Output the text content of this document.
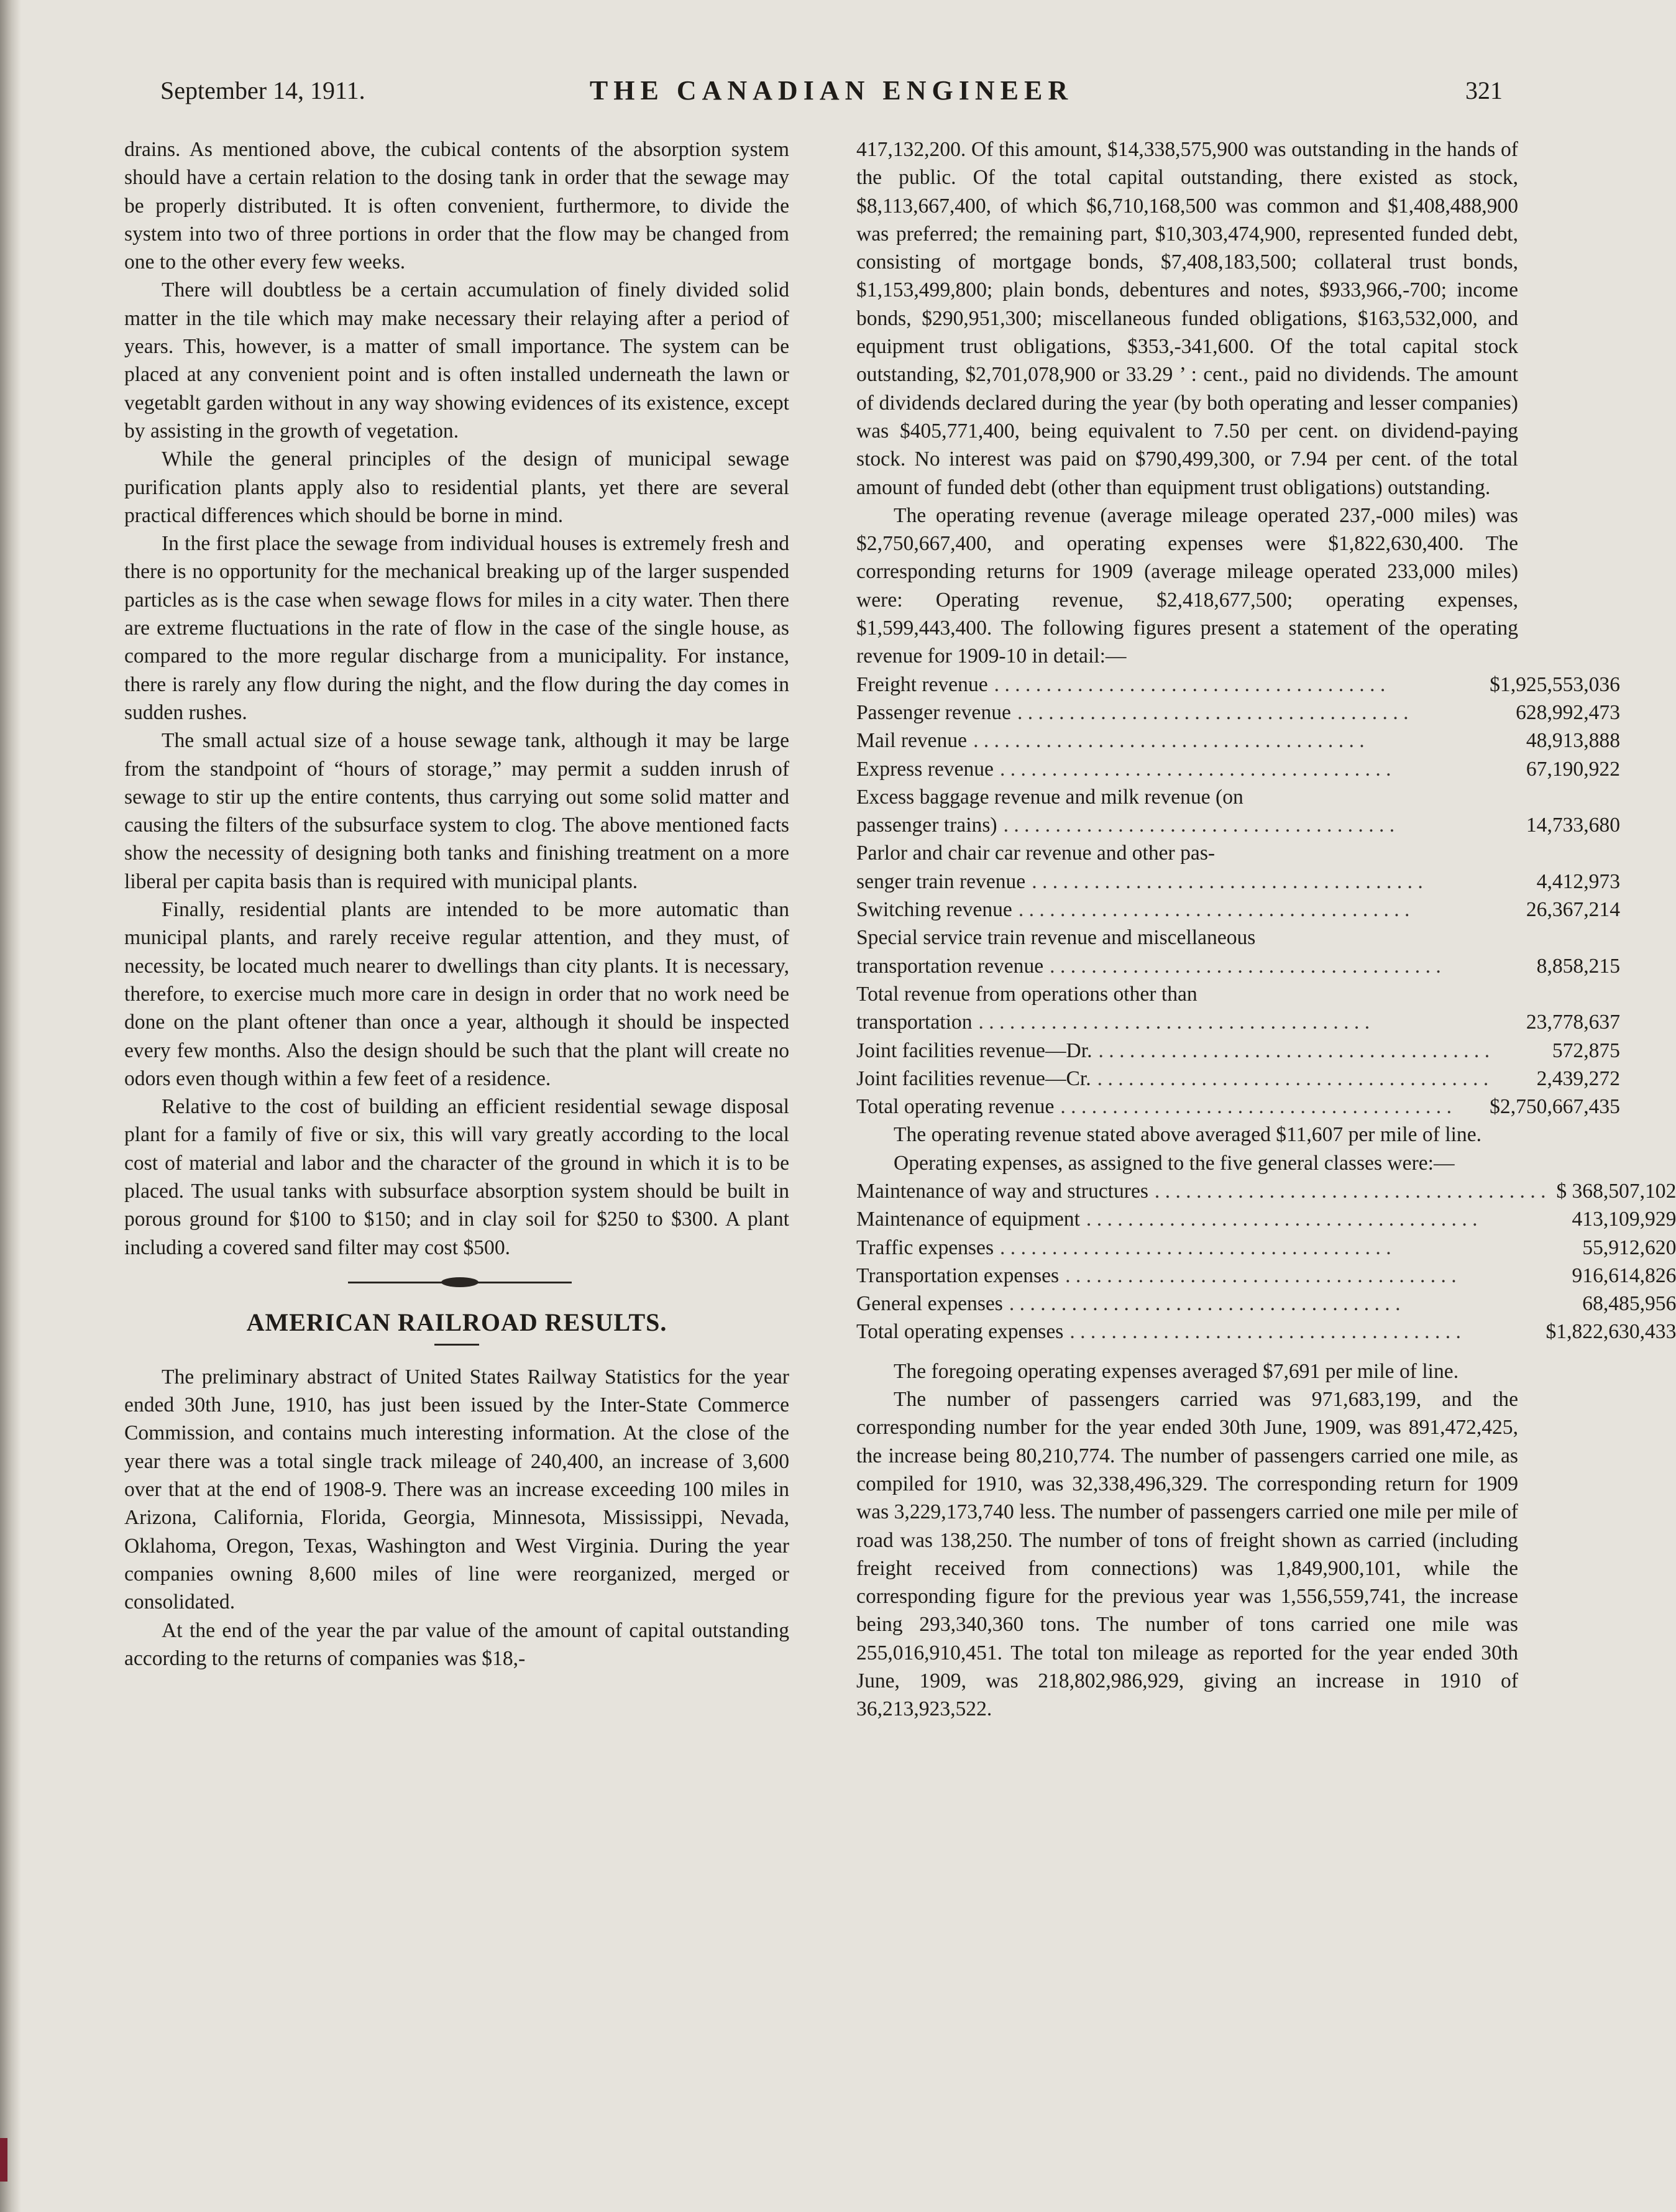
September 14, 1911.	THE CANADIAN ENGINEER	321

drains. As mentioned above, the cubical contents of the absorption system should have a certain relation to the dosing tank in order that the sewage may be properly distributed. It is often convenient, furthermore, to divide the system into two of three portions in order that the flow may be changed from one to the other every few weeks.

There will doubtless be a certain accumulation of finely divided solid matter in the tile which may make necessary their relaying after a period of years. This, however, is a matter of small importance. The system can be placed at any convenient point and is often installed underneath the lawn or vegetablt garden without in any way showing evidences of its existence, except by assisting in the growth of vegetation.

While the general principles of the design of municipal sewage purification plants apply also to residential plants, yet there are several practical differences which should be borne in mind.

In the first place the sewage from individual houses is extremely fresh and there is no opportunity for the mechanical breaking up of the larger suspended particles as is the case when sewage flows for miles in a city water. Then there are extreme fluctuations in the rate of flow in the case of the single house, as compared to the more regular discharge from a municipality. For instance, there is rarely any flow during the night, and the flow during the day comes in sudden rushes.

The small actual size of a house sewage tank, although it may be large from the standpoint of “hours of storage,” may permit a sudden inrush of sewage to stir up the entire contents, thus carrying out some solid matter and causing the filters of the subsurface system to clog. The above mentioned facts show the necessity of designing both tanks and finishing treatment on a more liberal per capita basis than is required with municipal plants.

Finally, residential plants are intended to be more automatic than municipal plants, and rarely receive regular attention, and they must, of necessity, be located much nearer to dwellings than city plants. It is necessary, therefore, to exercise much more care in design in order that no work need be done on the plant oftener than once a year, although it should be inspected every few months. Also the design should be such that the plant will create no odors even though within a few feet of a residence.

Relative to the cost of building an efficient residential sewage disposal plant for a family of five or six, this will vary greatly according to the local cost of material and labor and the character of the ground in which it is to be placed. The usual tanks with subsurface absorption system should be built in porous ground for $100 to $150; and in clay soil for $250 to $300. A plant including a covered sand filter may cost $500.

AMERICAN RAILROAD RESULTS.

The preliminary abstract of United States Railway Statistics for the year ended 30th June, 1910, has just been issued by the Inter-State Commerce Commission, and contains much interesting information. At the close of the year there was a total single track mileage of 240,400, an increase of 3,600 over that at the end of 1908-9. There was an increase exceeding 100 miles in Arizona, California, Florida, Georgia, Minnesota, Mississippi, Nevada, Oklahoma, Oregon, Texas, Washington and West Virginia. During the year companies owning 8,600 miles of line were reorganized, merged or consolidated.

At the end of the year the par value of the amount of capital outstanding according to the returns of companies was $18,-

417,132,200. Of this amount, $14,338,575,900 was outstanding in the hands of the public. Of the total capital outstanding, there existed as stock, $8,113,667,400, of which $6,710,168,500 was common and $1,408,488,900 was preferred; the remaining part, $10,303,474,900, represented funded debt, consisting of mortgage bonds, $7,408,183,500; collateral trust bonds, $1,153,499,800; plain bonds, debentures and notes, $933,966,-700; income bonds, $290,951,300; miscellaneous funded obligations, $163,532,000, and equipment trust obligations, $353,-341,600. Of the total capital stock outstanding, $2,701,078,900 or 33.29 ’ : cent., paid no dividends. The amount of dividends declared during the year (by both operating and lesser companies) was $405,771,400, being equivalent to 7.50 per cent. on dividend-paying stock. No interest was paid on $790,499,300, or 7.94 per cent. of the total amount of funded debt (other than equipment trust obligations) outstanding.

The operating revenue (average mileage operated 237,-000 miles) was $2,750,667,400, and operating expenses were $1,822,630,400. The corresponding returns for 1909 (average mileage operated 233,000 miles) were: Operating revenue, $2,418,677,500; operating expenses, $1,599,443,400. The following figures present a statement of the operating revenue for 1909-10 in detail:—

Freight revenue . . . . . . . . . . . . . . . . . . . . . . . . . . . . . . . . . . . . . .	$1,925,553,036

Passenger revenue . . . . . . . . . . . . . . . . . . . . . . . . . . . . . . . . . . . . . .	628,992,473

Mail revenue . . . . . . . . . . . . . . . . . . . . . . . . . . . . . . . . . . . . . .	48,913,888

Express revenue . . . . . . . . . . . . . . . . . . . . . . . . . . . . . . . . . . . . . .	67,190,922
Excess baggage revenue and milk revenue (on	

passenger trains) . . . . . . . . . . . . . . . . . . . . . . . . . . . . . . . . . . . . . .	14,733,680
Parlor and chair car revenue and other pas-	

senger train revenue . . . . . . . . . . . . . . . . . . . . . . . . . . . . . . . . . . . . . .	4,412,973

Switching revenue . . . . . . . . . . . . . . . . . . . . . . . . . . . . . . . . . . . . . .	26,367,214
Special service train revenue and miscellaneous	

transportation revenue . . . . . . . . . . . . . . . . . . . . . . . . . . . . . . . . . . . . . .	8,858,215
Total revenue from operations other than	

transportation . . . . . . . . . . . . . . . . . . . . . . . . . . . . . . . . . . . . . .	23,778,637

Joint facilities revenue—Dr. . . . . . . . . . . . . . . . . . . . . . . . . . . . . . . . . . . . . . .	572,875

Joint facilities revenue—Cr. . . . . . . . . . . . . . . . . . . . . . . . . . . . . . . . . . . . . . .	2,439,272

Total operating revenue . . . . . . . . . . . . . . . . . . . . . . . . . . . . . . . . . . . . . .	$2,750,667,435

The operating revenue stated above averaged $11,607 per mile of line.

Operating expenses, as assigned to the five general classes were:—

Maintenance of way and structures . . . . . . . . . . . . . . . . . . . . . . . . . . . . . . . . . . . . . .	$ 368,507,102

Maintenance of equipment . . . . . . . . . . . . . . . . . . . . . . . . . . . . . . . . . . . . . .	413,109,929

Traffic expenses . . . . . . . . . . . . . . . . . . . . . . . . . . . . . . . . . . . . . .	55,912,620

Transportation expenses . . . . . . . . . . . . . . . . . . . . . . . . . . . . . . . . . . . . . .	916,614,826

General expenses . . . . . . . . . . . . . . . . . . . . . . . . . . . . . . . . . . . . . .	68,485,956

Total operating expenses . . . . . . . . . . . . . . . . . . . . . . . . . . . . . . . . . . . . . .	$1,822,630,433

The foregoing operating expenses averaged $7,691 per mile of line.

The number of passengers carried was 971,683,199, and the corresponding number for the year ended 30th June, 1909, was 891,472,425, the increase being 80,210,774. The number of passengers carried one mile, as compiled for 1910, was 32,338,496,329. The corresponding return for 1909 was 3,229,173,740 less. The number of passengers carried one mile per mile of road was 138,250. The number of tons of freight shown as carried (including freight received from connections) was 1,849,900,101, while the corresponding figure for the previous year was 1,556,559,741, the increase being 293,340,360 tons. The number of tons carried one mile was 255,016,910,451. The total ton mileage as reported for the year ended 30th June, 1909, was 218,802,986,929, giving an increase in 1910 of 36,213,923,522.
